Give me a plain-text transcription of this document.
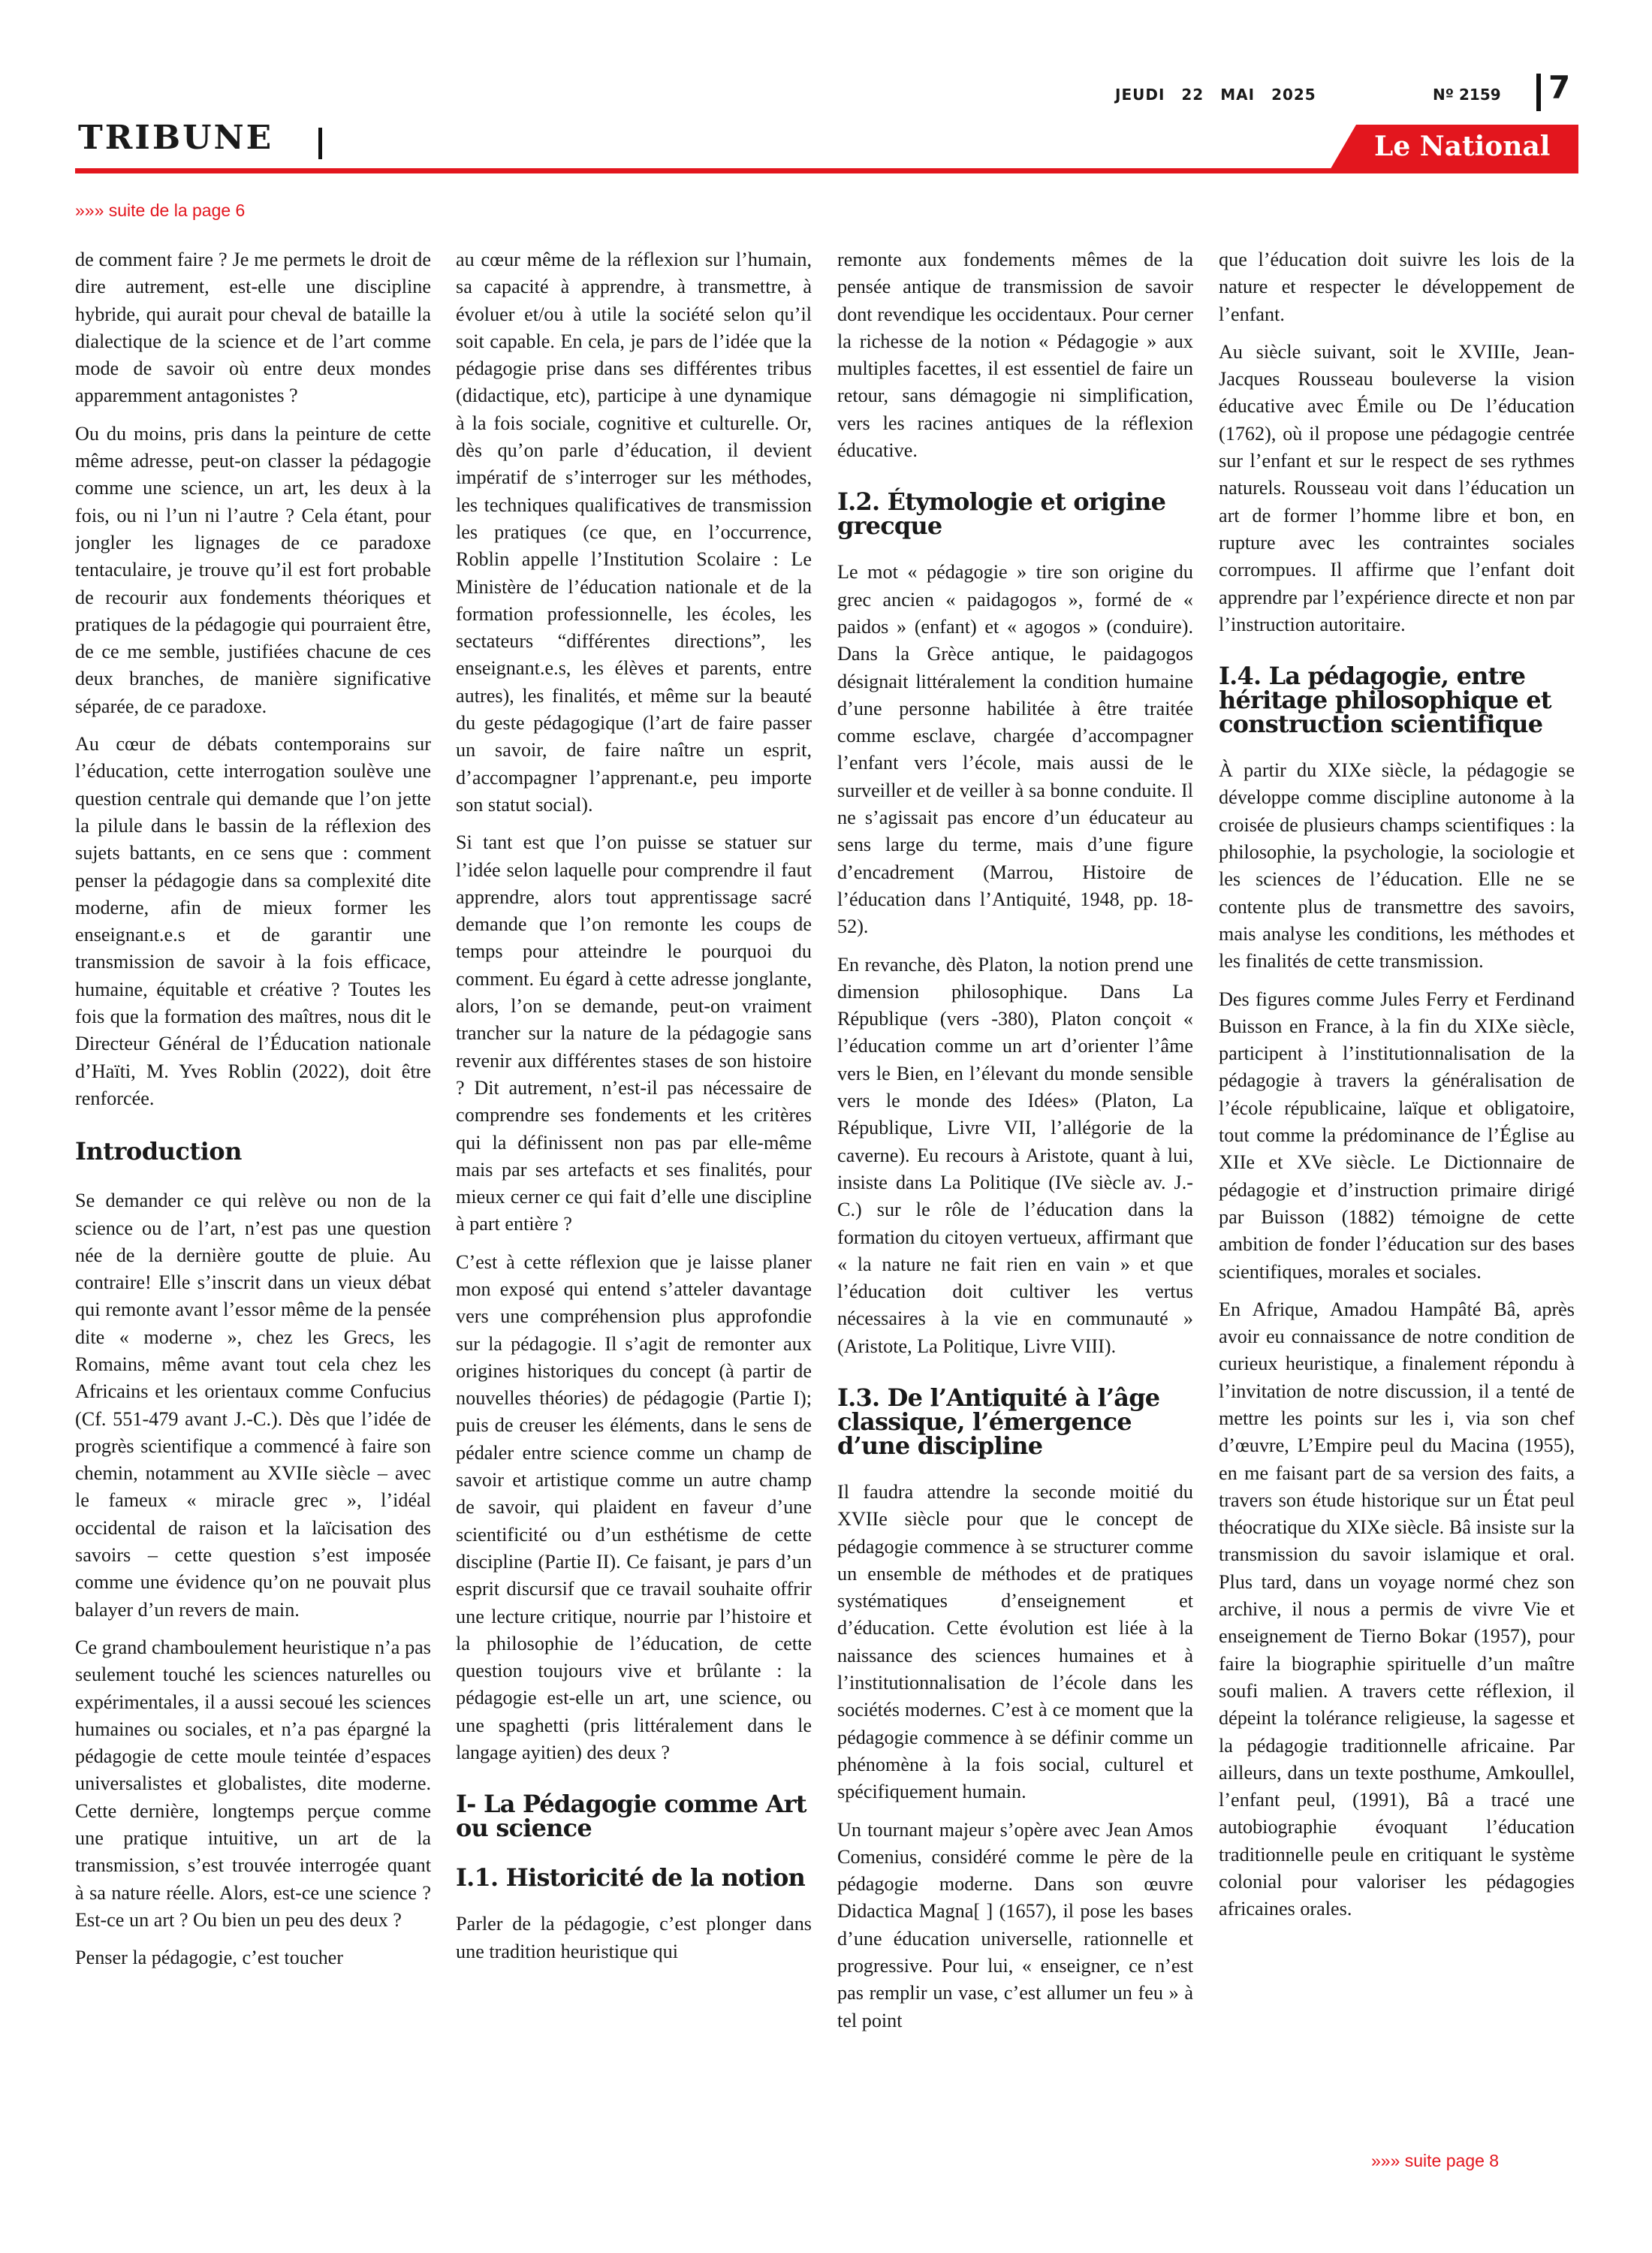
JEUDI 22 MAI 2025	Nº 2159 7
TRIBUNE	Le National
»»» suite de la page 6

de comment faire ? Je me permets le droit de dire autrement, est-elle une discipline hybride, qui aurait pour cheval de bataille la dialectique de la science et de l’art comme mode de savoir où entre deux mondes apparemment antagonistes ?

Ou du moins, pris dans la peinture de cette même adresse, peut-on classer la pédagogie comme une science, un art, les deux à la fois, ou ni l’un ni l’autre ? Cela étant, pour jongler les lignages de ce paradoxe tentaculaire, je trouve qu’il est fort probable de recourir aux fondements théoriques et pratiques de la pédagogie qui pourraient être, de ce me semble, justifiées chacune de ces deux branches, de manière significative séparée, de ce paradoxe.

Au cœur de débats contemporains sur l’éducation, cette interrogation soulève une question centrale qui demande que l’on jette la pilule dans le bassin de la réflexion des sujets battants, en ce sens que : comment penser la pédagogie dans sa complexité dite moderne, afin de mieux former les enseignant.e.s et de garantir une transmission de savoir à la fois efficace, humaine, équitable et créative ? Toutes les fois que la formation des maîtres, nous dit le Directeur Général de l’Éducation nationale d’Haïti, M. Yves Roblin (2022), doit être renforcée.

Introduction

Se demander ce qui relève ou non de la science ou de l’art, n’est pas une question née de la dernière goutte de pluie. Au contraire! Elle s’inscrit dans un vieux débat qui remonte avant l’essor même de la pensée dite « moderne », chez les Grecs, les Romains, même avant tout cela chez les Africains et les orientaux comme Confucius (Cf. 551-479 avant J.-C.). Dès que l’idée de progrès scientifique a commencé à faire son chemin, notamment au XVIIe siècle – avec le fameux « miracle grec », l’idéal occidental de raison et la laïcisation des savoirs – cette question s’est imposée comme une évidence qu’on ne pouvait plus balayer d’un revers de main.

Ce grand chamboulement heuristique n’a pas seulement touché les sciences naturelles ou expérimentales, il a aussi secoué les sciences humaines ou sociales, et n’a pas épargné la pédagogie de cette moule teintée d’espaces universalistes et globalistes, dite moderne. Cette dernière, longtemps perçue comme une pratique intuitive, un art de la transmission, s’est trouvée interrogée quant à sa nature réelle. Alors, est-ce une science ? Est-ce un art ? Ou bien un peu des deux ?

Penser la pédagogie, c’est toucher

au cœur même de la réflexion sur l’humain, sa capacité à apprendre, à transmettre, à évoluer et/ou à utile la société selon qu’il soit capable. En cela, je pars de l’idée que la pédagogie prise dans ses différentes tribus (didactique, etc), participe à une dynamique à la fois sociale, cognitive et culturelle. Or, dès qu’on parle d’éducation, il devient impératif de s’interroger sur les méthodes, les techniques qualificatives de transmission les pratiques (ce que, en l’occurrence, Roblin appelle l’Institution Scolaire : Le Ministère de l’éducation nationale et de la formation professionnelle, les écoles, les sectateurs “différentes directions”, les enseignant.e.s, les élèves et parents, entre autres), les finalités, et même sur la beauté du geste pédagogique (l’art de faire passer un savoir, de faire naître un esprit, d’accompagner l’apprenant.e, peu importe son statut social).

Si tant est que l’on puisse se statuer sur l’idée selon laquelle pour comprendre il faut apprendre, alors tout apprentissage sacré demande que l’on remonte les coups de temps pour atteindre le pourquoi du comment. Eu égard à cette adresse jonglante, alors, l’on se demande, peut-on vraiment trancher sur la nature de la pédagogie sans revenir aux différentes stases de son histoire ? Dit autrement, n’est-il pas nécessaire de comprendre ses fondements et les critères qui la définissent non pas par elle-même mais par ses artefacts et ses finalités, pour mieux cerner ce qui fait d’elle une discipline à part entière ?

C’est à cette réflexion que je laisse planer mon exposé qui entend s’atteler davantage vers une compréhension plus approfondie sur la pédagogie. Il s’agit de remonter aux origines historiques du concept (à partir de nouvelles théories) de pédagogie (Partie I); puis de creuser les éléments, dans le sens de pédaler entre science comme un champ de savoir et artistique comme un autre champ de savoir, qui plaident en faveur d’une scientificité ou d’un esthétisme de cette discipline (Partie II). Ce faisant, je pars d’un esprit discursif que ce travail souhaite offrir une lecture critique, nourrie par l’histoire et la philosophie de l’éducation, de cette question toujours vive et brûlante : la pédagogie est-elle un art, une science, ou une spaghetti (pris littéralement dans le langage ayitien) des deux ?

I- La Pédagogie comme Art ou science
I.1. Historicité de la notion

Parler de la pédagogie, c’est plonger dans une tradition heuristique qui

remonte aux fondements mêmes de la pensée antique de transmission de savoir dont revendique les occidentaux. Pour cerner la richesse de la notion « Pédagogie » aux multiples facettes, il est essentiel de faire un retour, sans démagogie ni simplification, vers les racines antiques de la réflexion éducative.

I.2. Étymologie et origine grecque

Le mot « pédagogie » tire son origine du grec ancien « paidagogos », formé de « paidos » (enfant) et « agogos » (conduire). Dans la Grèce antique, le paidagogos désignait littéralement la condition humaine d’une personne habilitée à être traitée comme esclave, chargée d’accompagner l’enfant vers l’école, mais aussi de le surveiller et de veiller à sa bonne conduite. Il ne s’agissait pas encore d’un éducateur au sens large du terme, mais d’une figure d’encadrement (Marrou, Histoire de l’éducation dans l’Antiquité, 1948, pp. 18-52).

En revanche, dès Platon, la notion prend une dimension philosophique. Dans La République (vers -380), Platon conçoit « l’éducation comme un art d’orienter l’âme vers le Bien, en l’élevant du monde sensible vers le monde des Idées» (Platon, La République, Livre VII, l’allégorie de la caverne). Eu recours à Aristote, quant à lui, insiste dans La Politique (IVe siècle av. J.-C.) sur le rôle de l’éducation dans la formation du citoyen vertueux, affirmant que « la nature ne fait rien en vain » et que l’éducation doit cultiver les vertus nécessaires à la vie en communauté » (Aristote, La Politique, Livre VIII).

I.3. De l’Antiquité à l’âge classique, l’émergence d’une discipline

Il faudra attendre la seconde moitié du XVIIe siècle pour que le concept de pédagogie commence à se structurer comme un ensemble de méthodes et de pratiques systématiques d’enseignement et d’éducation. Cette évolution est liée à la naissance des sciences humaines et à l’institutionnalisation de l’école dans les sociétés modernes. C’est à ce moment que la pédagogie commence à se définir comme un phénomène à la fois social, culturel et spécifiquement humain.

Un tournant majeur s’opère avec Jean Amos Comenius, considéré comme le père de la pédagogie moderne. Dans son œuvre Didactica Magna[ ] (1657), il pose les bases d’une éducation universelle, rationnelle et progressive. Pour lui, « enseigner, ce n’est pas remplir un vase, c’est allumer un feu » à tel point

que l’éducation doit suivre les lois de la nature et respecter le développement de l’enfant.

Au siècle suivant, soit le XVIIIe, Jean-Jacques Rousseau bouleverse la vision éducative avec Émile ou De l’éducation (1762), où il propose une pédagogie centrée sur l’enfant et sur le respect de ses rythmes naturels. Rousseau voit dans l’éducation un art de former l’homme libre et bon, en rupture avec les contraintes sociales corrompues. Il affirme que l’enfant doit apprendre par l’expérience directe et non par l’instruction autoritaire.

I.4. La pédagogie, entre héritage philosophique et construction scientifique

À partir du XIXe siècle, la pédagogie se développe comme discipline autonome à la croisée de plusieurs champs scientifiques : la philosophie, la psychologie, la sociologie et les sciences de l’éducation. Elle ne se contente plus de transmettre des savoirs, mais analyse les conditions, les méthodes et les finalités de cette transmission.

Des figures comme Jules Ferry et Ferdinand Buisson en France, à la fin du XIXe siècle, participent à l’institutionnalisation de la pédagogie à travers la généralisation de l’école républicaine, laïque et obligatoire, tout comme la prédominance de l’Église au XIIe et XVe siècle. Le Dictionnaire de pédagogie et d’instruction primaire dirigé par Buisson (1882) témoigne de cette ambition de fonder l’éducation sur des bases scientifiques, morales et sociales.

En Afrique, Amadou Hampâté Bâ, après avoir eu connaissance de notre condition de curieux heuristique, a finalement répondu à l’invitation de notre discussion, il a tenté de mettre les points sur les i, via son chef d’œuvre, L’Empire peul du Macina (1955), en me faisant part de sa version des faits, a travers son étude historique sur un État peul théocratique du XIXe siècle. Bâ insiste sur la transmission du savoir islamique et oral. Plus tard, dans un voyage normé chez son archive, il nous a permis de vivre Vie et enseignement de Tierno Bokar (1957), pour faire la biographie spirituelle d’un maître soufi malien. A travers cette réflexion, il dépeint la tolérance religieuse, la sagesse et la pédagogie traditionnelle africaine. Par ailleurs, dans un texte posthume, Amkoullel, l’enfant peul, (1991), Bâ a tracé une autobiographie évoquant l’éducation traditionnelle peule en critiquant le système colonial pour valoriser les pédagogies africaines orales.

»»» suite page 8
